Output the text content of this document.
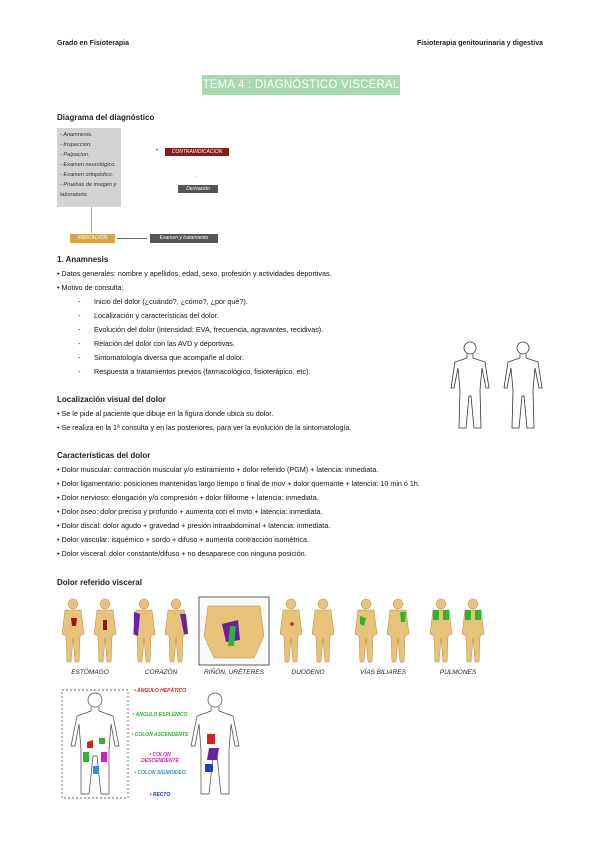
Grado en Fisioterapia	Fisioterapia genitourinaria y digestiva
TEMA 4 : DIAGNÓSTICO VISCERAL
Diagrama del diagnóstico
- Anamnesis.
- Inspeccion.
- Palpacion.
- Examen neurológico.
- Examen ortopédico.
- Pruebas de imagen y
laboratorio.
•	CONTRAINDICACION
·
Derivación
INDICACIÓN	Examen y tratamiento
1. Anamnesis
• Datos generales: nombre y apellidos, edad, sexo, profesión y actividades deportivas.
• Motivo de consulta:
- Inicio del dolor (¿cuándo?, ¿cómo?, ¿por qué?).
- Localización y características del dolor.
- Evolución del dolor (intensidad: EVA, frecuencia, agravantes, recidivas).
- Relación del dolor con las AVD y deportivas.
- Sintomatología diversa que acompañe al dolor.
- Respuesta a tratamientos previos (farmacológico, fisioterápico, etc).
Localización visual del dolor
• Se le pide al paciente que dibuje en la figura donde ubica su dolor.
• Se realiza en la 1ª consulta y en las posteriores, para ver la evolución de la sintomatología.
Características del dolor
• Dolor muscular: contracción muscular y/o estiramiento + dolor referido (PGM) + latencia: inmediata.
• Dolor ligamentario: posiciones mantenidas largo tiempo o final de mov + dolor quemante + latencia: 10 min ó 1h.
• Dolor nervioso: elongación y/o compresión + dolor filiforme + latencia: inmediata.
• Dolor óseo: dolor preciso y profundo + aumenta con el mvto + latencia: inmediata.
• Dolor discal: dolor agudo + gravedad + presión intraabdominal + latencia: inmediata.
• Dolor vascular: isquémico + sordo + difuso + aumenta contracción isométrica.
• Dolor visceral: dolor constante/difuso + no desaparece con ninguna posición.
Dolor referido visceral
ESTÓMAGO	CORAZÓN	RIÑÓN, URÉTERES	DUODENO	VÍAS BILIARES	PULMONES
• ÁNGULO HEPÁTICO
• ÁNGULO ESPLÉNICO
• COLON ASCENDENTE
• COLON DESCENDENTE
• COLON SIGMOIDEO
• RECTO
